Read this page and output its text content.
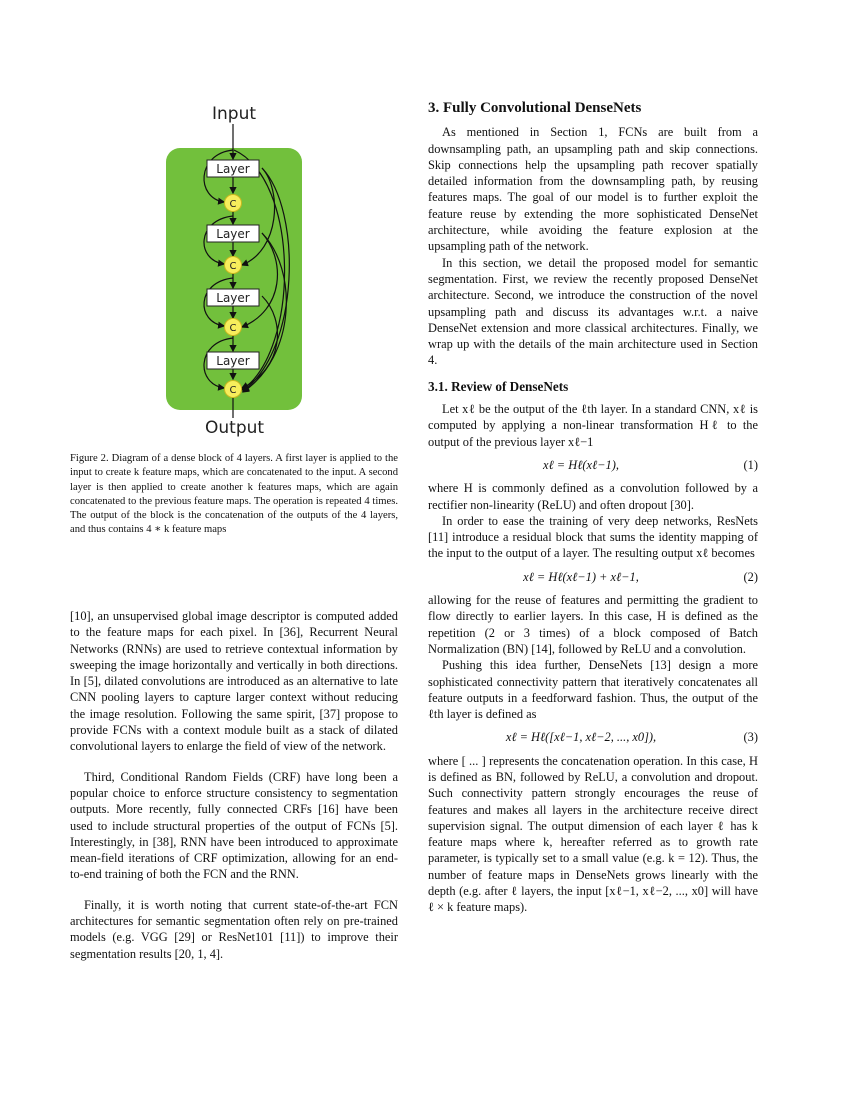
Input
Output
Layer
Layer
Layer
Layer
C
C
C
C
Figure 2. Diagram of a dense block of 4 layers. A first layer is applied to the input to create k feature maps, which are concatenated to the input. A second layer is then applied to create another k features maps, which are again concatenated to the previous feature maps. The operation is repeated 4 times. The output of the block is the concatenation of the outputs of the 4 layers, and thus contains 4 ∗ k feature maps

[10], an unsupervised global image descriptor is computed added to the feature maps for each pixel. In [36], Recurrent Neural Networks (RNNs) are used to retrieve contextual information by sweeping the image horizontally and vertically in both directions. In [5], dilated convolutions are introduced as an alternative to late CNN pooling layers to capture larger context without reducing the image resolution. Following the same spirit, [37] propose to provide FCNs with a context module built as a stack of dilated convolutional layers to enlarge the field of view of the network.

Third, Conditional Random Fields (CRF) have long been a popular choice to enforce structure consistency to segmentation outputs. More recently, fully connected CRFs [16] have been used to include structural properties of the output of FCNs [5]. Interestingly, in [38], RNN have been introduced to approximate mean-field iterations of CRF optimization, allowing for an end-to-end training of both the FCN and the RNN.

Finally, it is worth noting that current state-of-the-art FCN architectures for semantic segmentation often rely on pre-trained models (e.g. VGG [29] or ResNet101 [11]) to improve their segmentation results [20, 1, 4].

3. Fully Convolutional DenseNets

As mentioned in Section 1, FCNs are built from a downsampling path, an upsampling path and skip connections. Skip connections help the upsampling path recover spatially detailed information from the downsampling path, by reusing features maps. The goal of our model is to further exploit the feature reuse by extending the more sophisticated DenseNet architecture, while avoiding the feature explosion at the upsampling path of the network.

In this section, we detail the proposed model for semantic segmentation. First, we review the recently proposed DenseNet architecture. Second, we introduce the construction of the novel upsampling path and discuss its advantages w.r.t. a naive DenseNet extension and more classical architectures. Finally, we wrap up with the details of the main architecture used in Section 4.

3.1. Review of DenseNets

Let xℓ be the output of the ℓth layer. In a standard CNN, xℓ is computed by applying a non-linear transformation Hℓ to the output of the previous layer xℓ−1

xℓ = Hℓ(xℓ−1),	(1)

where H is commonly defined as a convolution followed by a rectifier non-linearity (ReLU) and often dropout [30].

In order to ease the training of very deep networks, ResNets [11] introduce a residual block that sums the identity mapping of the input to the output of a layer. The resulting output xℓ becomes

xℓ = Hℓ(xℓ−1) + xℓ−1,	(2)

allowing for the reuse of features and permitting the gradient to flow directly to earlier layers. In this case, H is defined as the repetition (2 or 3 times) of a block composed of Batch Normalization (BN) [14], followed by ReLU and a convolution.

Pushing this idea further, DenseNets [13] design a more sophisticated connectivity pattern that iteratively concatenates all feature outputs in a feedforward fashion. Thus, the output of the ℓth layer is defined as

xℓ = Hℓ([xℓ−1, xℓ−2, ..., x0]),	(3)

where [ ... ] represents the concatenation operation. In this case, H is defined as BN, followed by ReLU, a convolution and dropout. Such connectivity pattern strongly encourages the reuse of features and makes all layers in the architecture receive direct supervision signal. The output dimension of each layer ℓ has k feature maps where k, hereafter referred as to growth rate parameter, is typically set to a small value (e.g. k = 12). Thus, the number of feature maps in DenseNets grows linearly with the depth (e.g. after ℓ layers, the input [xℓ−1, xℓ−2, ..., x0] will have ℓ × k feature maps).
